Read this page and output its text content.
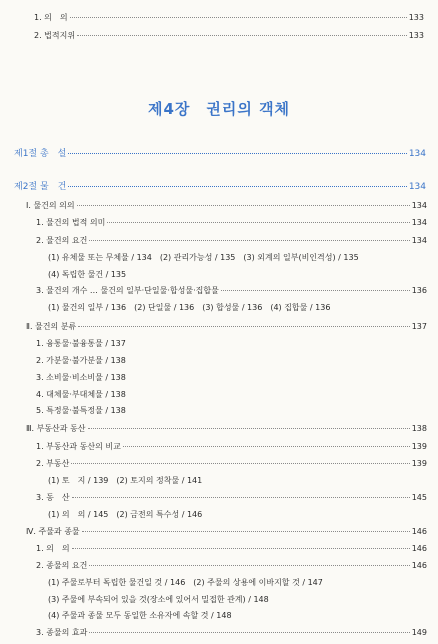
1. 의　의	133
2. 법적지위	133
제4장　권리의 객체
제1절 총　설	134
제2절 물　건	134
Ⅰ. 물건의 의의	134
1. 물건의 법적 의미	134
2. 물건의 요건	134
(1) 유체물 또는 무체물 / 134　(2) 관리가능성 / 135　(3) 외계의 일부(비인격성) / 135
(4) 독립한 물건 / 135
3. 물건의 개수 … 물건의 일부·단일물·합성물·집합물	136
(1) 물건의 일부 / 136　(2) 단일물 / 136　(3) 합성물 / 136　(4) 집합물 / 136
Ⅱ. 물건의 분류	137
1. 융통물·불융통물 / 137
2. 가분물·불가분물 / 138
3. 소비물·비소비물 / 138
4. 대체물·부대체물 / 138
5. 특정물·불특정물 / 138
Ⅲ. 부동산과 동산	138
1. 부동산과 동산의 비교	139
2. 부동산	139
(1) 토　지 / 139　(2) 토지의 정착물 / 141
3. 동　산	145
(1) 의　의 / 145　(2) 금전의 특수성 / 146
Ⅳ. 주물과 종물	146
1. 의　의	146
2. 종물의 요건	146
(1) 주물로부터 독립한 물건일 것 / 146　(2) 주물의 상용에 이바지할 것 / 147
(3) 주물에 부속되어 있을 것(장소에 있어서 밀접한 관계) / 148
(4) 주물과 종물 모두 동일한 소유자에 속할 것 / 148
3. 종물의 효과	149
